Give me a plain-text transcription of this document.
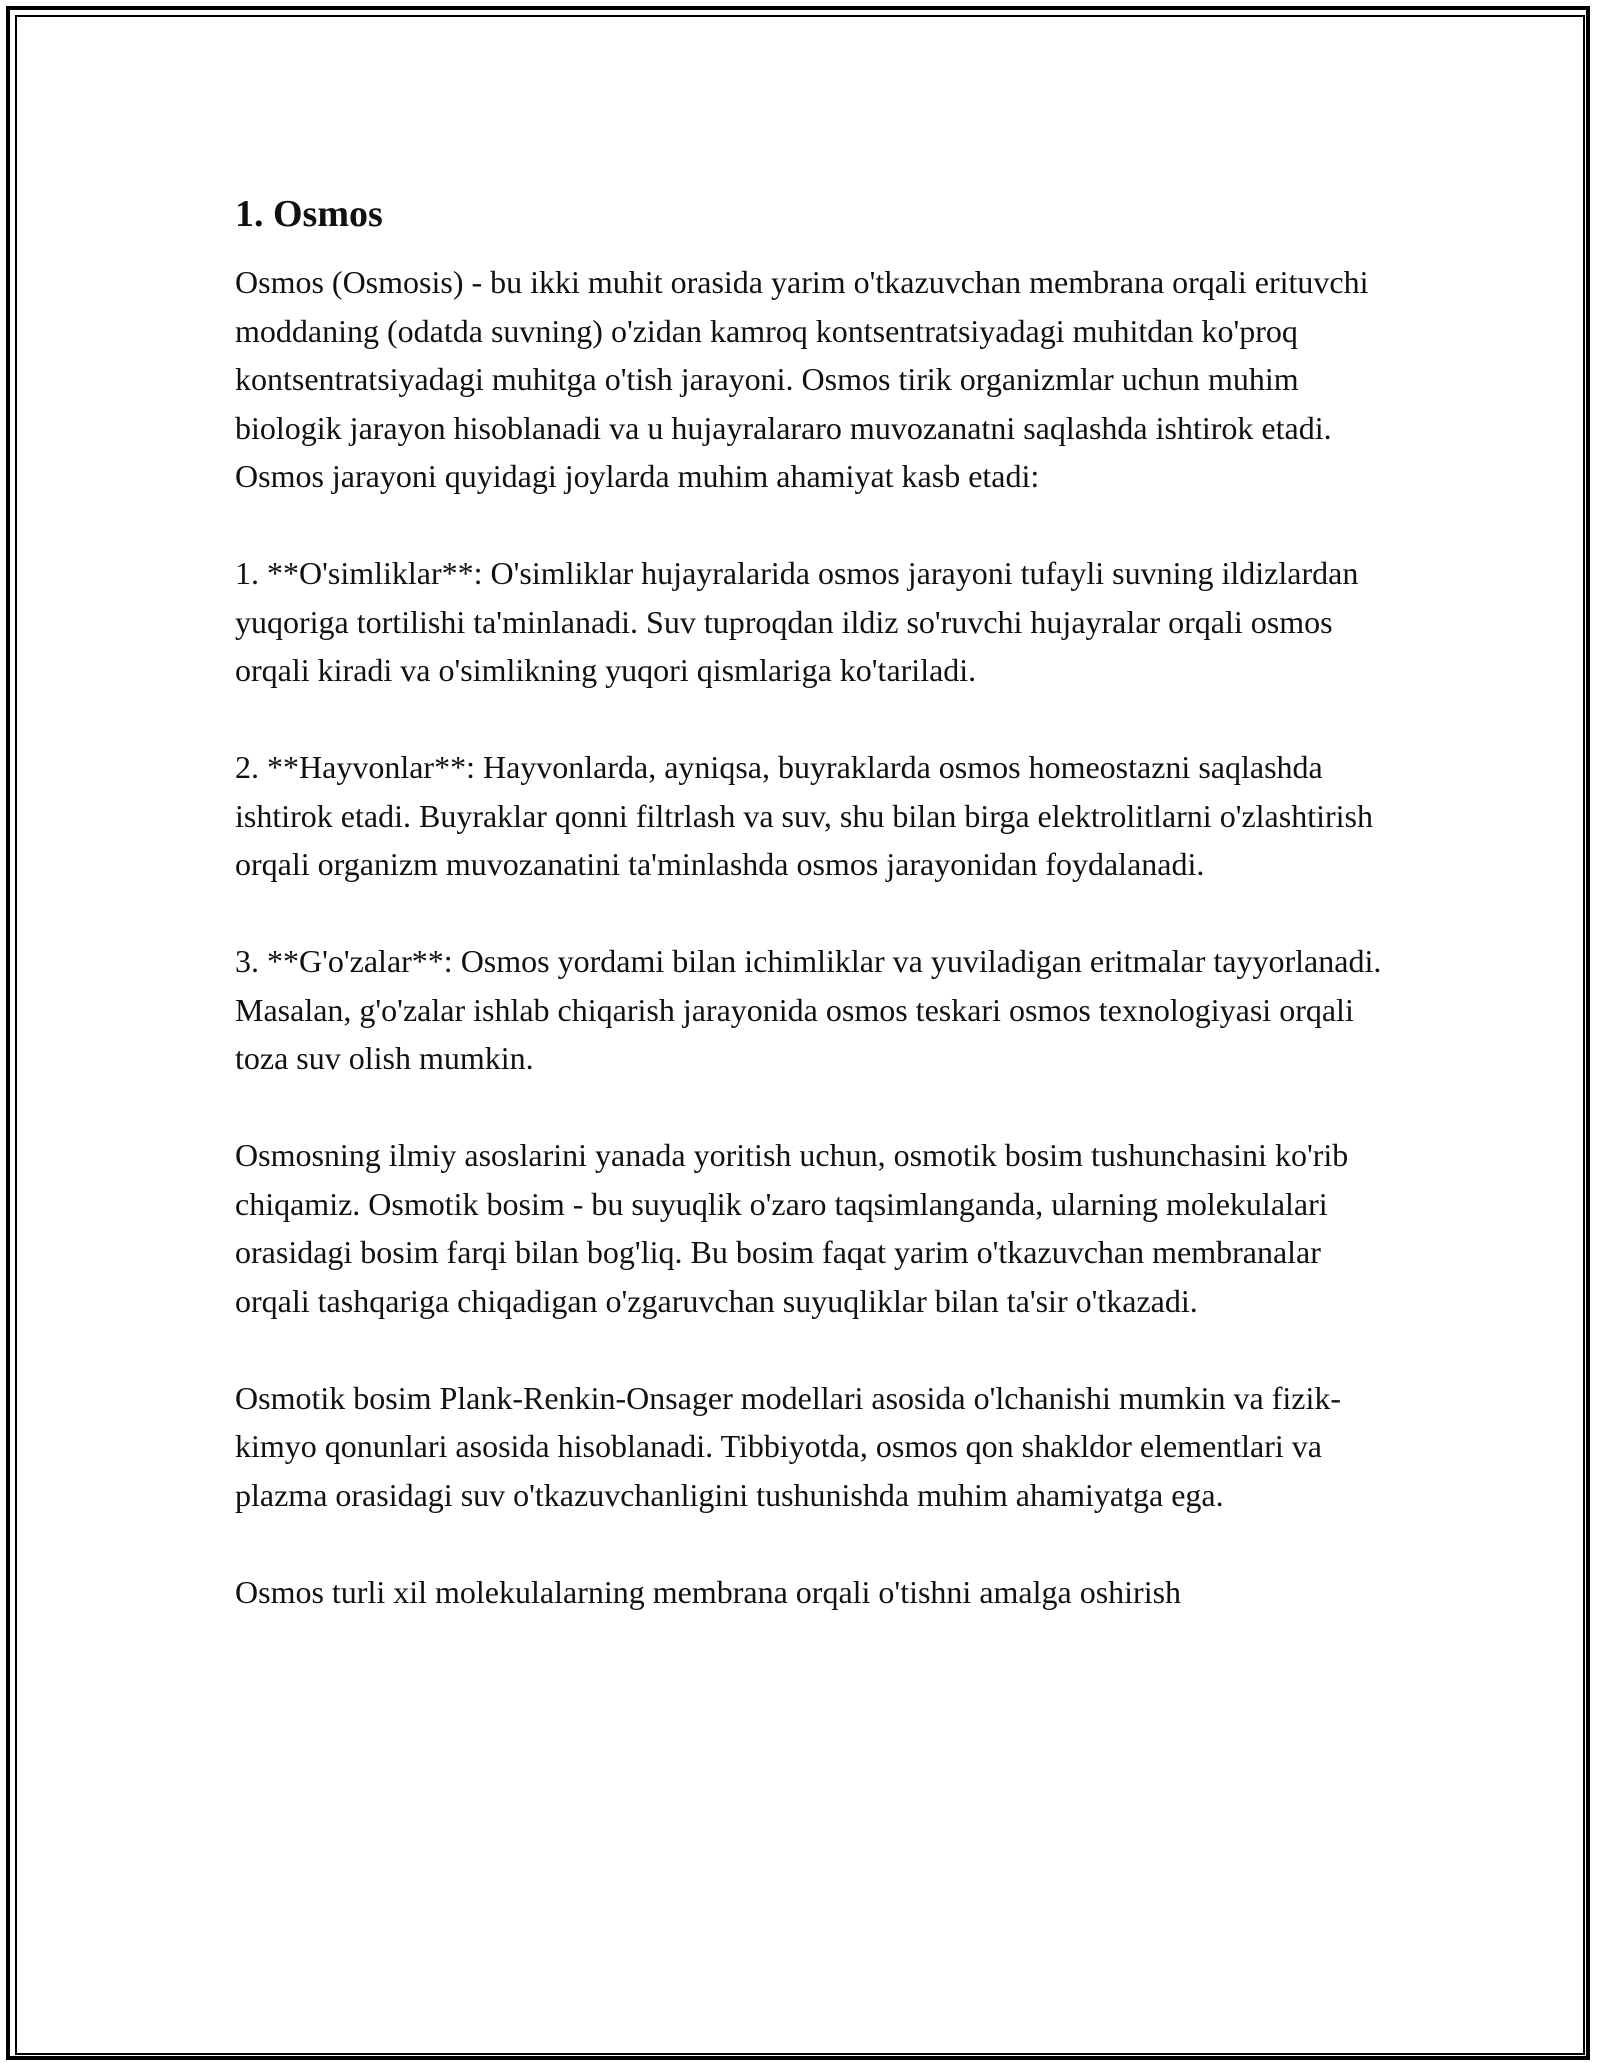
1. Osmos

Osmos (Osmosis) - bu ikki muhit orasida yarim o'tkazuvchan membrana orqali erituvchi moddaning (odatda suvning) o'zidan kamroq kontsentratsiyadagi muhitdan ko'proq kontsentratsiyadagi muhitga o'tish jarayoni. Osmos tirik organizmlar uchun muhim biologik jarayon hisoblanadi va u hujayralararo muvozanatni saqlashda ishtirok etadi. Osmos jarayoni quyidagi joylarda muhim ahamiyat kasb etadi:

1. **O'simliklar**: O'simliklar hujayralarida osmos jarayoni tufayli suvning ildizlardan yuqoriga tortilishi ta'minlanadi. Suv tuproqdan ildiz so'ruvchi hujayralar orqali osmos orqali kiradi va o'simlikning yuqori qismlariga ko'tariladi.

2. **Hayvonlar**: Hayvonlarda, ayniqsa, buyraklarda osmos homeostazni saqlashda ishtirok etadi. Buyraklar qonni filtrlash va suv, shu bilan birga elektrolitlarni o'zlashtirish orqali organizm muvozanatini ta'minlashda osmos jarayonidan foydalanadi.

3. **G'o'zalar**: Osmos yordami bilan ichimliklar va yuviladigan eritmalar tayyorlanadi. Masalan, g'o'zalar ishlab chiqarish jarayonida osmos teskari osmos texnologiyasi orqali toza suv olish mumkin.

Osmosning ilmiy asoslarini yanada yoritish uchun, osmotik bosim tushunchasini ko'rib chiqamiz. Osmotik bosim - bu suyuqlik o'zaro taqsimlanganda, ularning molekulalari orasidagi bosim farqi bilan bog'liq. Bu bosim faqat yarim o'tkazuvchan membranalar orqali tashqariga chiqadigan o'zgaruvchan suyuqliklar bilan ta'sir o'tkazadi.

Osmotik bosim Plank-Renkin-Onsager modellari asosida o'lchanishi mumkin va fizik-kimyo qonunlari asosida hisoblanadi. Tibbiyotda, osmos qon shakldor elementlari va plazma orasidagi suv o'tkazuvchanligini tushunishda muhim ahamiyatga ega.

Osmos turli xil molekulalarning membrana orqali o'tishni amalga oshirish
